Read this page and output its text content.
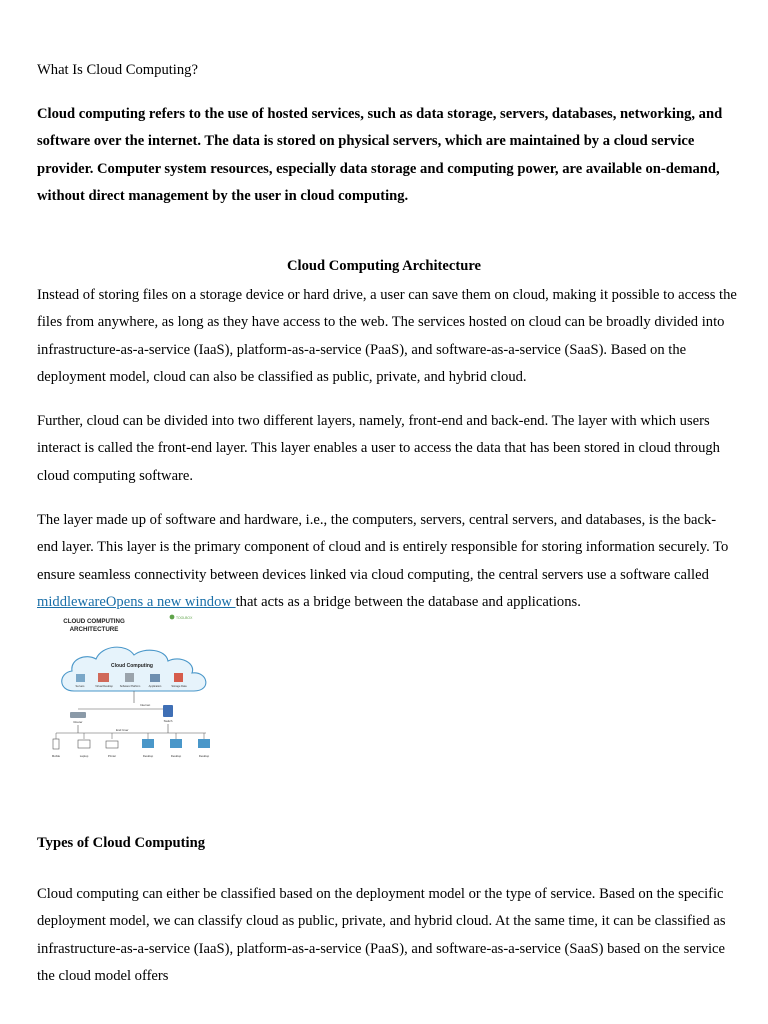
What Is Cloud Computing?

Cloud computing refers to the use of hosted services, such as data storage, servers, databases, networking, and software over the internet. The data is stored on physical servers, which are maintained by a cloud service provider. Computer system resources, especially data storage and computing power, are available on-demand, without direct management by the user in cloud computing.

Cloud Computing Architecture

Instead of storing files on a storage device or hard drive, a user can save them on cloud, making it possible to access the files from anywhere, as long as they have access to the web. The services hosted on cloud can be broadly divided into infrastructure-as-a-service (IaaS), platform-as-a-service (PaaS), and software-as-a-service (SaaS). Based on the deployment model, cloud can also be classified as public, private, and hybrid cloud.

Further, cloud can be divided into two different layers, namely, front-end and back-end. The layer with which users interact is called the front-end layer. This layer enables a user to access the data that has been stored in cloud through cloud computing software.

The layer made up of software and hardware, i.e., the computers, servers, central servers, and databases, is the back-end layer. This layer is the primary component of cloud and is entirely responsible for storing information securely. To ensure seamless connectivity between devices linked via cloud computing, the central servers use a software called middlewareOpens a new window that acts as a bridge between the database and applications.

CLOUD COMPUTING
ARCHITECTURE
TOOLBOX
Cloud Computing
Servers	Virtual Desktop	Software Platform	Application	Storage Data
Internet
Router	Switch
End User
Mobile	Laptop	Printer	Desktop	Desktop	Desktop

Types of Cloud Computing

Cloud computing can either be classified based on the deployment model or the type of service. Based on the specific deployment model, we can classify cloud as public, private, and hybrid cloud. At the same time, it can be classified as infrastructure-as-a-service (IaaS), platform-as-a-service (PaaS), and software-as-a-service (SaaS) based on the service the cloud model offers
